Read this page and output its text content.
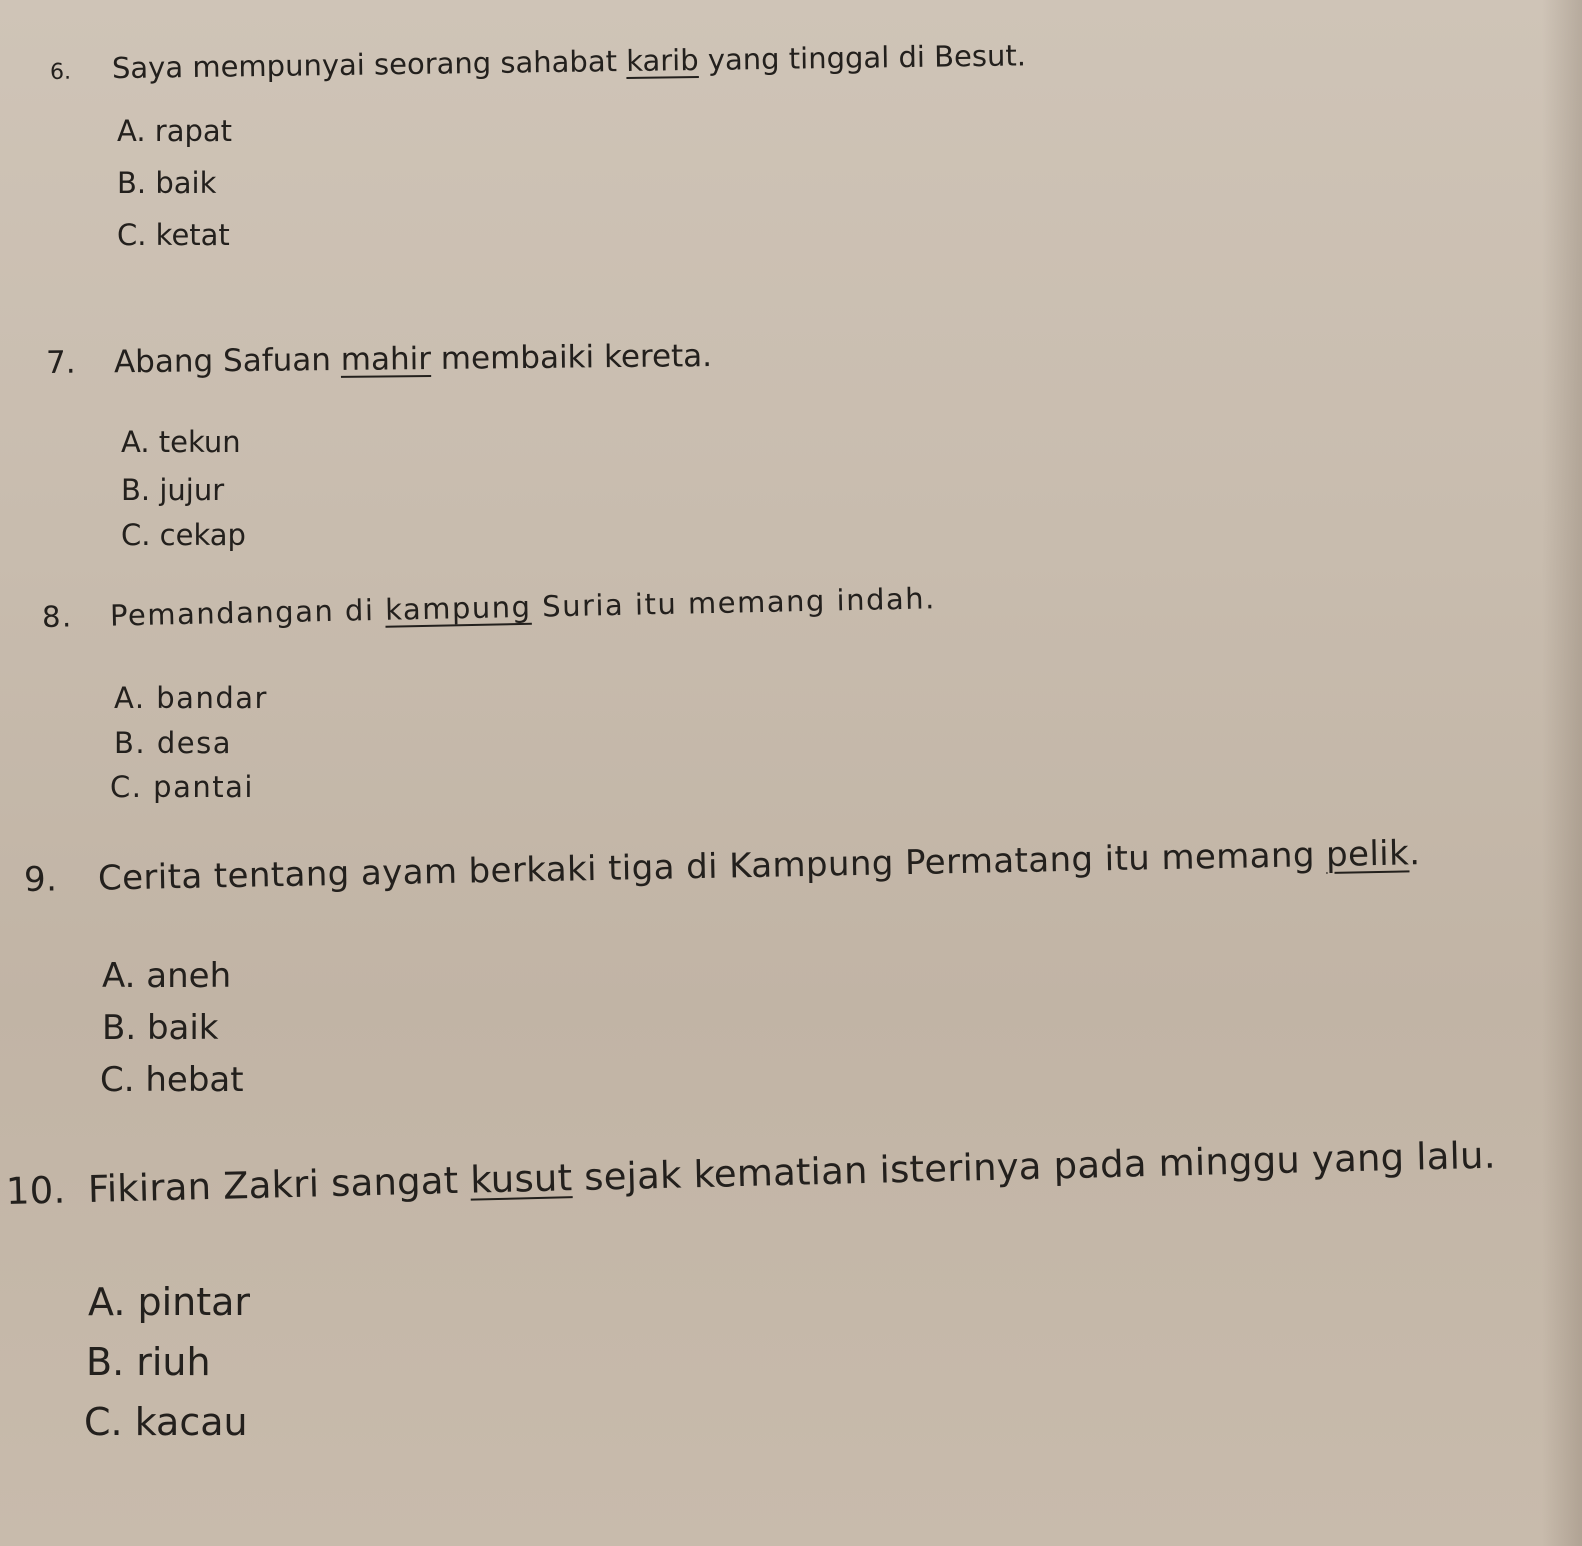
6. Saya mempunyai seorang sahabat karib yang tinggal di Besut.

A. rapat

B. baik

C. ketat

7. Abang Safuan mahir membaiki kereta.

A. tekun

B. jujur

C. cekap

8. Pemandangan di kampung Suria itu memang indah.

A. bandar

B. desa

C. pantai

9. Cerita tentang ayam berkaki tiga di Kampung Permatang itu memang pelik.

A. aneh

B. baik

C. hebat

10. Fikiran Zakri sangat kusut sejak kematian isterinya pada minggu yang lalu.

A. pintar

B. riuh

C. kacau
